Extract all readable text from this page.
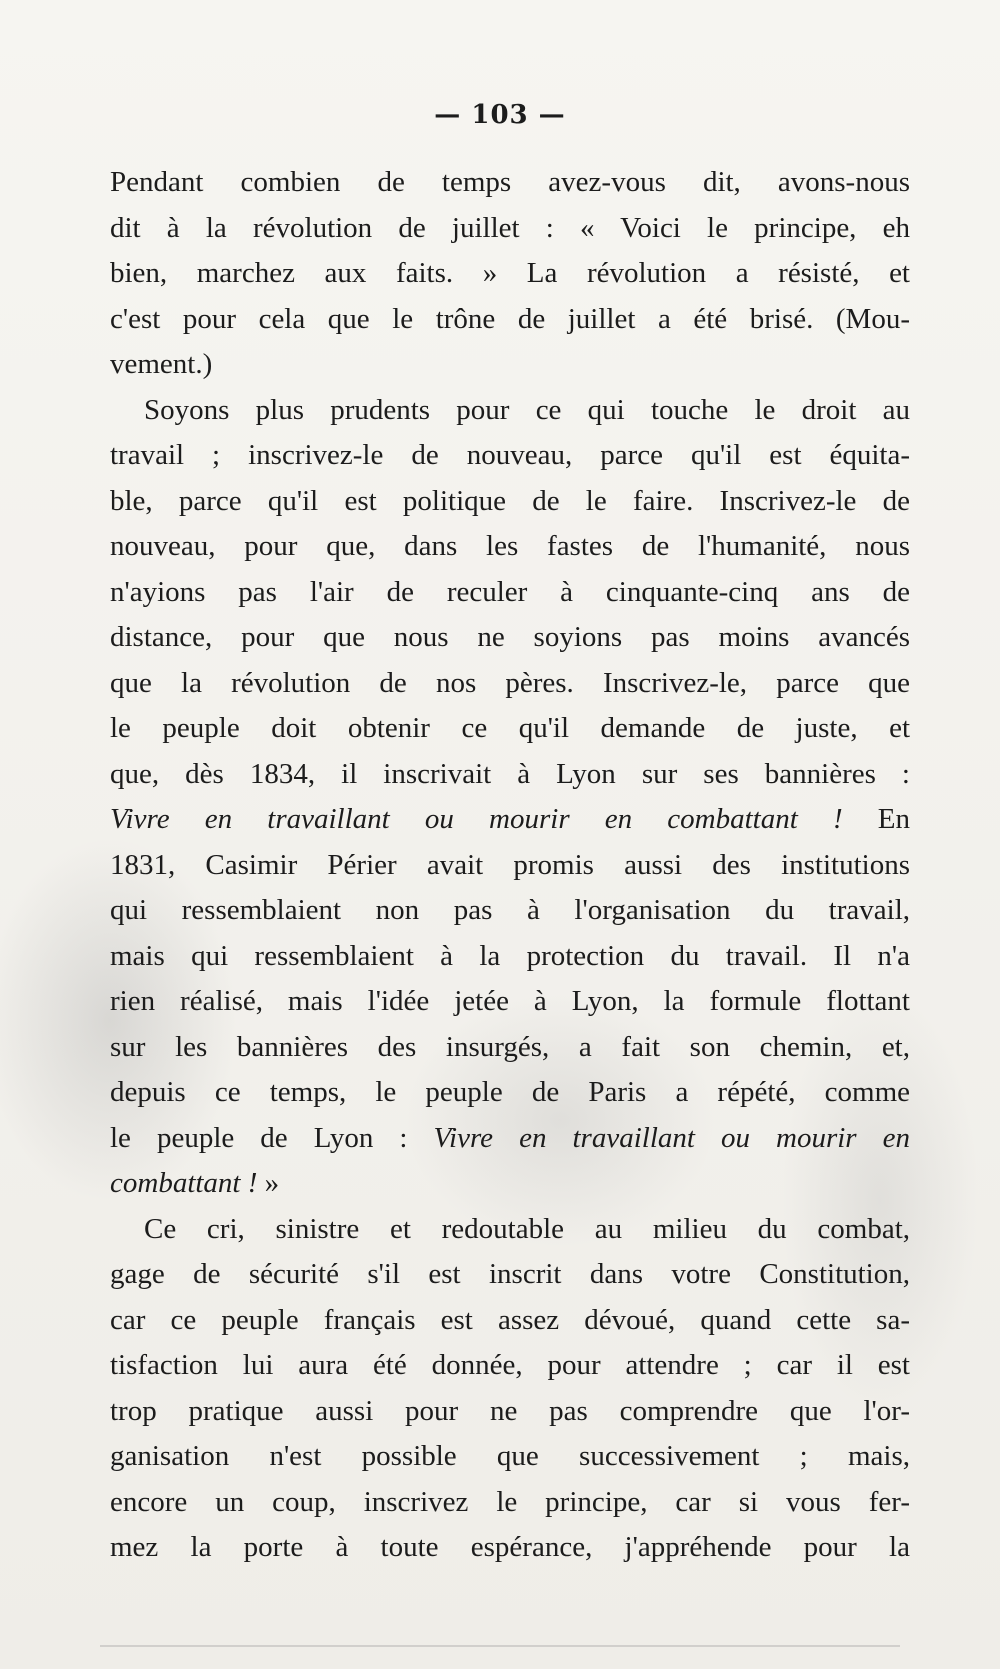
— 103 —
Pendant combien de temps avez-vous dit, avons-nous
dit à la révolution de juillet : « Voici le principe, eh
bien, marchez aux faits. » La révolution a résisté, et
c'est pour cela que le trône de juillet a été brisé. (Mou-
vement.)
Soyons plus prudents pour ce qui touche le droit au
travail ; inscrivez-le de nouveau, parce qu'il est équita-
ble, parce qu'il est politique de le faire. Inscrivez-le de
nouveau, pour que, dans les fastes de l'humanité, nous
n'ayions pas l'air de reculer à cinquante-cinq ans de
distance, pour que nous ne soyions pas moins avancés
que la révolution de nos pères. Inscrivez-le, parce que
le peuple doit obtenir ce qu'il demande de juste, et
que, dès 1834, il inscrivait à Lyon sur ses bannières :
Vivre en travaillant ou mourir en combattant ! En
1831, Casimir Périer avait promis aussi des institutions
qui ressemblaient non pas à l'organisation du travail,
mais qui ressemblaient à la protection du travail. Il n'a
rien réalisé, mais l'idée jetée à Lyon, la formule flottant
sur les bannières des insurgés, a fait son chemin, et,
depuis ce temps, le peuple de Paris a répété, comme
le peuple de Lyon : Vivre en travaillant ou mourir en
combattant ! »
Ce cri, sinistre et redoutable au milieu du combat,
gage de sécurité s'il est inscrit dans votre Constitution,
car ce peuple français est assez dévoué, quand cette sa-
tisfaction lui aura été donnée, pour attendre ; car il est
trop pratique aussi pour ne pas comprendre que l'or-
ganisation n'est possible que successivement ; mais,
encore un coup, inscrivez le principe, car si vous fer-
mez la porte à toute espérance, j'appréhende pour la
